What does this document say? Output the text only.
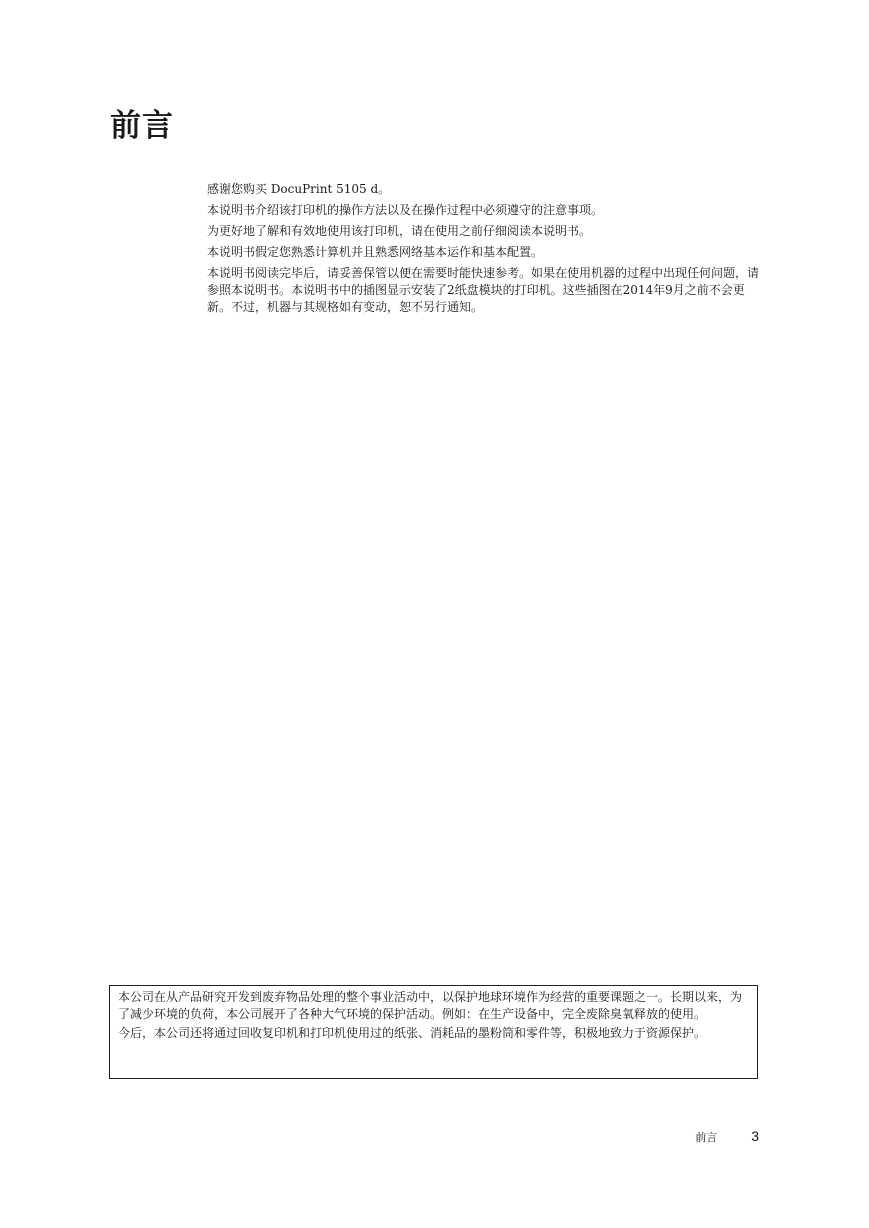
前言

感谢您购买 DocuPrint 5105 d。

本说明书介绍该打印机的操作方法以及在操作过程中必须遵守的注意事项。

为更好地了解和有效地使用该打印机，请在使用之前仔细阅读本说明书。

本说明书假定您熟悉计算机并且熟悉网络基本运作和基本配置。

本说明书阅读完毕后，请妥善保管以便在需要时能快速参考。如果在使用机器的过程中出现任何问题，请参照本说明书。本说明书中的插图显示安装了2纸盘模块的打印机。这些插图在2014年9月之前不会更新。不过，机器与其规格如有变动，恕不另行通知。

本公司在从产品研究开发到废弃物品处理的整个事业活动中，以保护地球环境作为经营的重要课题之一。长期以来，为了减少环境的负荷，本公司展开了各种大气环境的保护活动。例如：在生产设备中，完全废除臭氧释放的使用。

今后，本公司还将通过回收复印机和打印机使用过的纸张、消耗品的墨粉筒和零件等，积极地致力于资源保护。

前言 3
